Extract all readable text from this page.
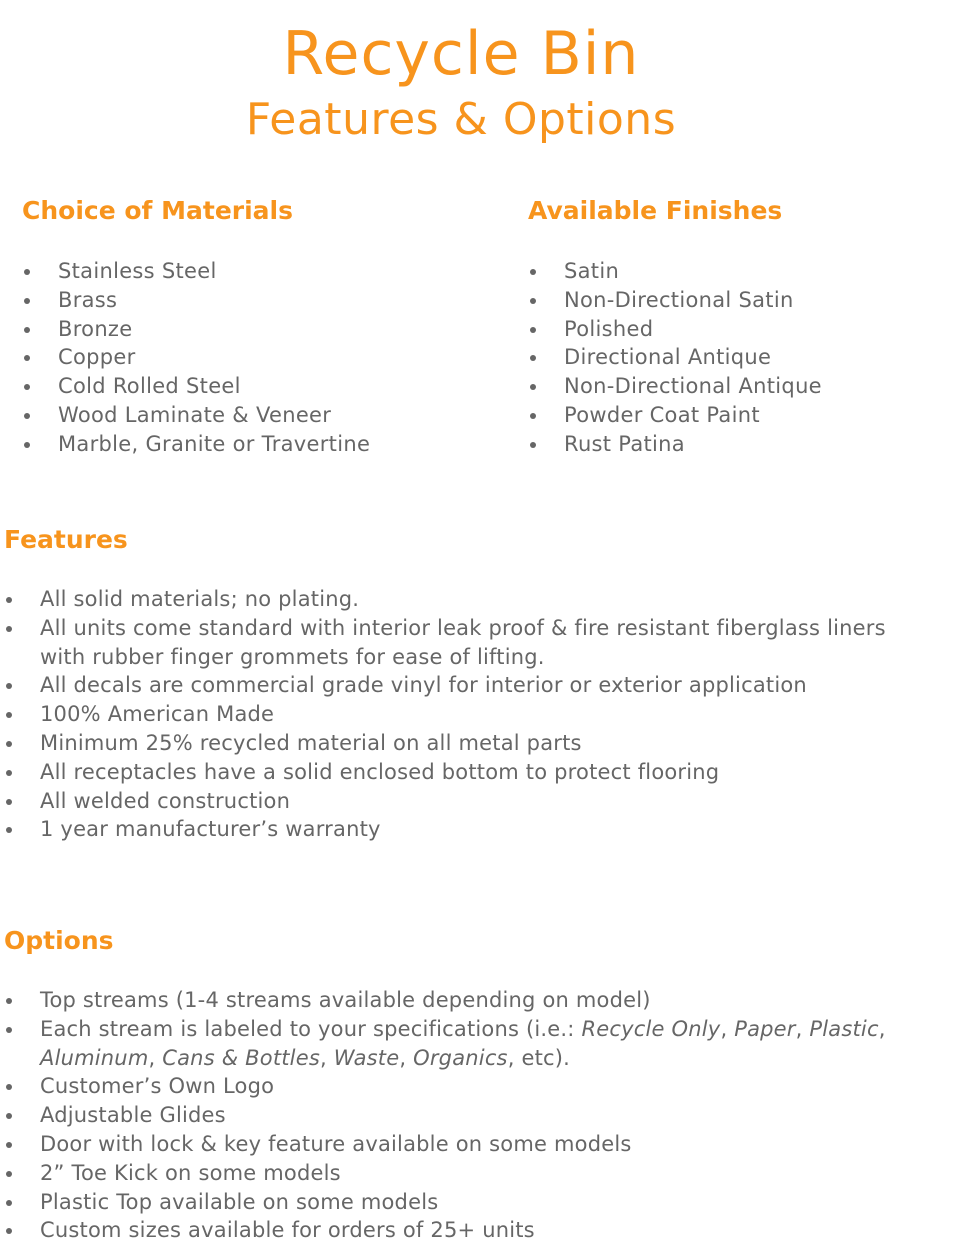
Recycle Bin
Features & Options
Choice of Materials
Stainless Steel
Brass
Bronze
Copper
Cold Rolled Steel
Wood Laminate & Veneer
Marble, Granite or Travertine
Available Finishes
Satin
Non-Directional Satin
Polished
Directional Antique
Non-Directional Antique
Powder Coat Paint
Rust Patina
Features
All solid materials; no plating.
All units come standard with interior leak proof & fire resistant fiberglass liners with rubber finger grommets for ease of lifting.
All decals are commercial grade vinyl for interior or exterior application
100% American Made
Minimum 25% recycled material on all metal parts
All receptacles have a solid enclosed bottom to protect flooring
All welded construction
1 year manufacturer’s warranty
Options
Top streams (1-4 streams available depending on model)
Each stream is labeled to your specifications (i.e.: Recycle Only, Paper, Plastic, Aluminum, Cans & Bottles, Waste, Organics, etc).
Customer’s Own Logo
Adjustable Glides
Door with lock & key feature available on some models
2” Toe Kick on some models
Plastic Top available on some models
Custom sizes available for orders of 25+ units
